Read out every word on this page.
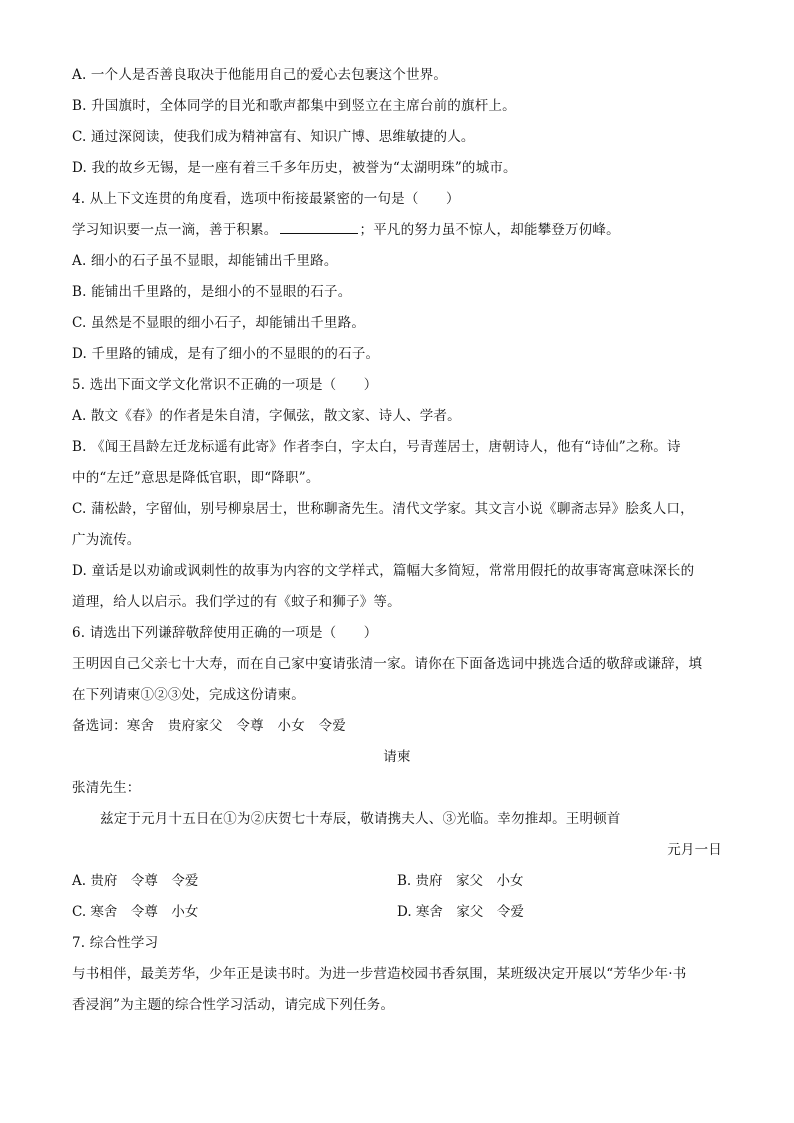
A. 一个人是否善良取决于他能用自己的爱心去包裹这个世界。
B. 升国旗时，全体同学的目光和歌声都集中到竖立在主席台前的旗杆上。
C. 通过深阅读，使我们成为精神富有、知识广博、思维敏捷的人。
D. 我的故乡无锡，是一座有着三千多年历史，被誉为“太湖明珠”的城市。
4. 从上下文连贯的角度看，选项中衔接最紧密的一句是（　　）
学习知识要一点一滴，善于积累。	；平凡的努力虽不惊人，却能攀登万仞峰。
A. 细小的石子虽不显眼，却能铺出千里路。
B. 能铺出千里路的，是细小的不显眼的石子。
C. 虽然是不显眼的细小石子，却能铺出千里路。
D. 千里路的铺成，是有了细小的不显眼的的石子。
5. 选出下面文学文化常识不正确的一项是（　　）
A. 散文《春》的作者是朱自清，字佩弦，散文家、诗人、学者。
B. 《闻王昌龄左迁龙标遥有此寄》作者李白，字太白，号青莲居士，唐朝诗人，他有“诗仙”之称。诗
中的“左迁”意思是降低官职，即“降职”。
C. 蒲松龄，字留仙，别号柳泉居士，世称聊斋先生。清代文学家。其文言小说《聊斋志异》脍炙人口，
广为流传。
D. 童话是以劝谕或讽刺性的故事为内容的文学样式，篇幅大多简短，常常用假托的故事寄寓意味深长的
道理，给人以启示。我们学过的有《蚊子和狮子》等。
6. 请选出下列谦辞敬辞使用正确的一项是（　　）
王明因自己父亲七十大寿，而在自己家中宴请张清一家。请你在下面备选词中挑选合适的敬辞或谦辞，填
在下列请柬①②③处，完成这份请柬。
备选词：寒舍　贵府家父　令尊　小女　令爱
请柬
张清先生：
兹定于元月十五日在①为②庆贺七十寿辰，敬请携夫人、③光临。幸勿推却。王明顿首
元月一日
A. 贵府　令尊　令爱	B. 贵府　家父　小女
C. 寒舍　令尊　小女	D. 寒舍　家父　令爱
7. 综合性学习
与书相伴，最美芳华，少年正是读书时。为进一步营造校园书香氛围，某班级决定开展以“芳华少年·书
香浸润”为主题的综合性学习活动，请完成下列任务。
